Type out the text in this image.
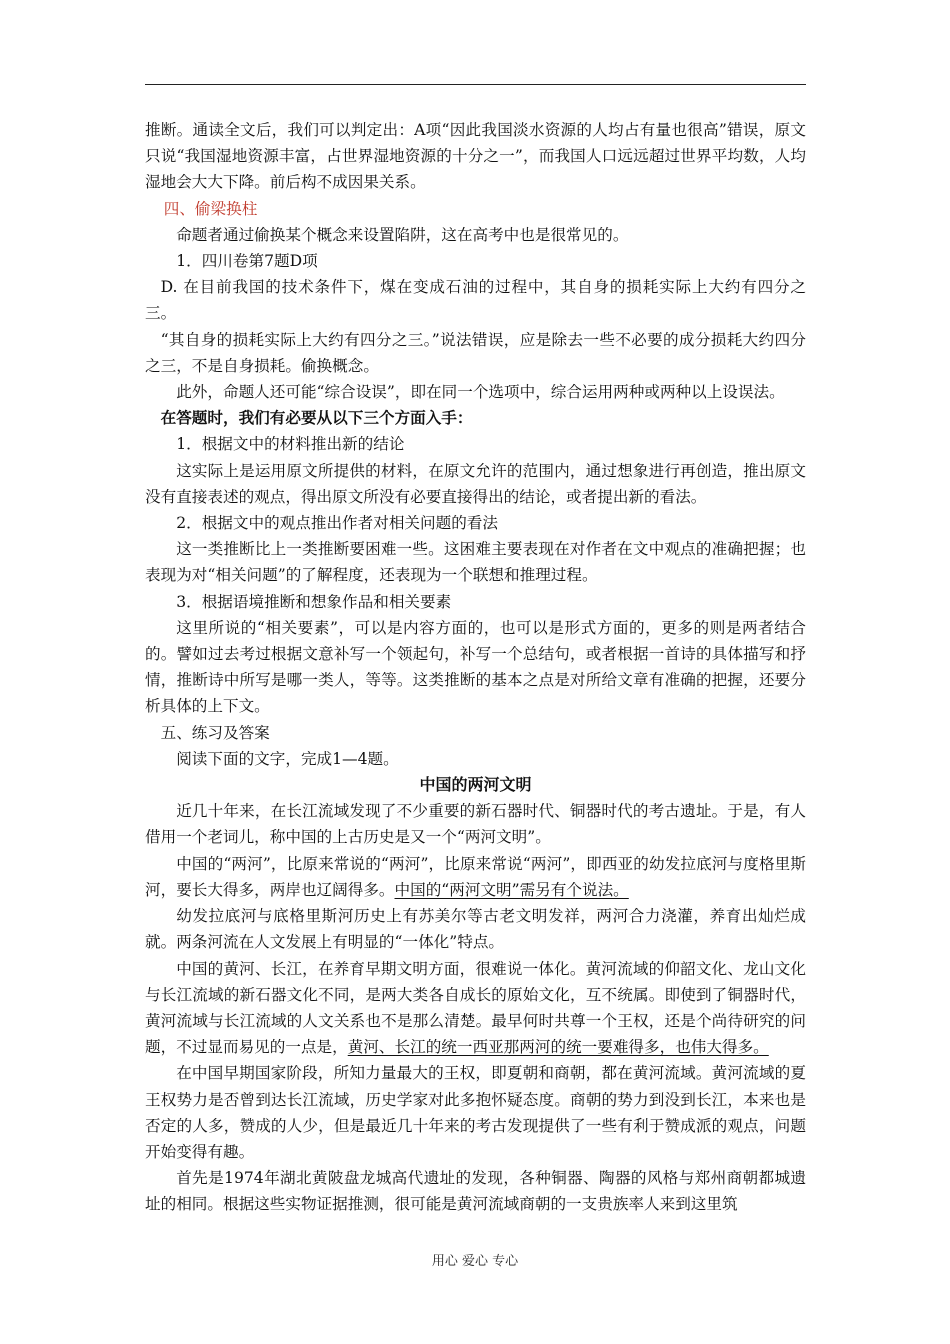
推断。通读全文后，我们可以判定出：A项“因此我国淡水资源的人均占有量也很高”错误，原文只说“我国湿地资源丰富，占世界湿地资源的十分之一”，而我国人口远远超过世界平均数，人均湿地会大大下降。前后构不成因果关系。

四、偷梁换柱

命题者通过偷换某个概念来设置陷阱，这在高考中也是很常见的。

1．四川卷第7题D项

D. 在目前我国的技术条件下，煤在变成石油的过程中，其自身的损耗实际上大约有四分之三。

“其自身的损耗实际上大约有四分之三。”说法错误，应是除去一些不必要的成分损耗大约四分之三，不是自身损耗。偷换概念。

此外，命题人还可能“综合设误”，即在同一个选项中，综合运用两种或两种以上设误法。

在答题时，我们有必要从以下三个方面入手：

1．根据文中的材料推出新的结论

这实际上是运用原文所提供的材料，在原文允许的范围内，通过想象进行再创造，推出原文没有直接表述的观点，得出原文所没有必要直接得出的结论，或者提出新的看法。

2．根据文中的观点推出作者对相关问题的看法

这一类推断比上一类推断要困难一些。这困难主要表现在对作者在文中观点的准确把握；也表现为对“相关问题”的了解程度，还表现为一个联想和推理过程。

3．根据语境推断和想象作品和相关要素

这里所说的“相关要素”，可以是内容方面的，也可以是形式方面的，更多的则是两者结合的。譬如过去考过根据文意补写一个领起句，补写一个总结句，或者根据一首诗的具体描写和抒情，推断诗中所写是哪一类人，等等。这类推断的基本之点是对所给文章有准确的把握，还要分析具体的上下文。

五、练习及答案

阅读下面的文字，完成1—4题。

中国的两河文明

近几十年来，在长江流域发现了不少重要的新石器时代、铜器时代的考古遗址。于是，有人借用一个老词儿，称中国的上古历史是又一个“两河文明”。

中国的“两河”，比原来常说的“两河”，比原来常说“两河”，即西亚的幼发拉底河与度格里斯河，要长大得多，两岸也辽阔得多。中国的“两河文明”需另有个说法。

幼发拉底河与底格里斯河历史上有苏美尔等古老文明发祥，两河合力浇灌，养育出灿烂成就。两条河流在人文发展上有明显的“一体化”特点。

中国的黄河、长江，在养育早期文明方面，很难说一体化。黄河流域的仰韶文化、龙山文化与长江流域的新石器文化不同，是两大类各自成长的原始文化，互不统属。即使到了铜器时代，黄河流域与长江流域的人文关系也不是那么清楚。最早何时共尊一个王权，还是个尚待研究的问题，不过显而易见的一点是，黄河、长江的统一西亚那两河的统一要难得多，也伟大得多。

在中国早期国家阶段，所知力量最大的王权，即夏朝和商朝，都在黄河流域。黄河流域的夏王权势力是否曾到达长江流域，历史学家对此多抱怀疑态度。商朝的势力到没到长江，本来也是否定的人多，赞成的人少，但是最近几十年来的考古发现提供了一些有利于赞成派的观点，问题开始变得有趣。

首先是1974年湖北黄陂盘龙城高代遗址的发现，各种铜器、陶器的风格与郑州商朝都城遗址的相同。根据这些实物证据推测，很可能是黄河流域商朝的一支贵族率人来到这里筑

用心 爱心 专心
